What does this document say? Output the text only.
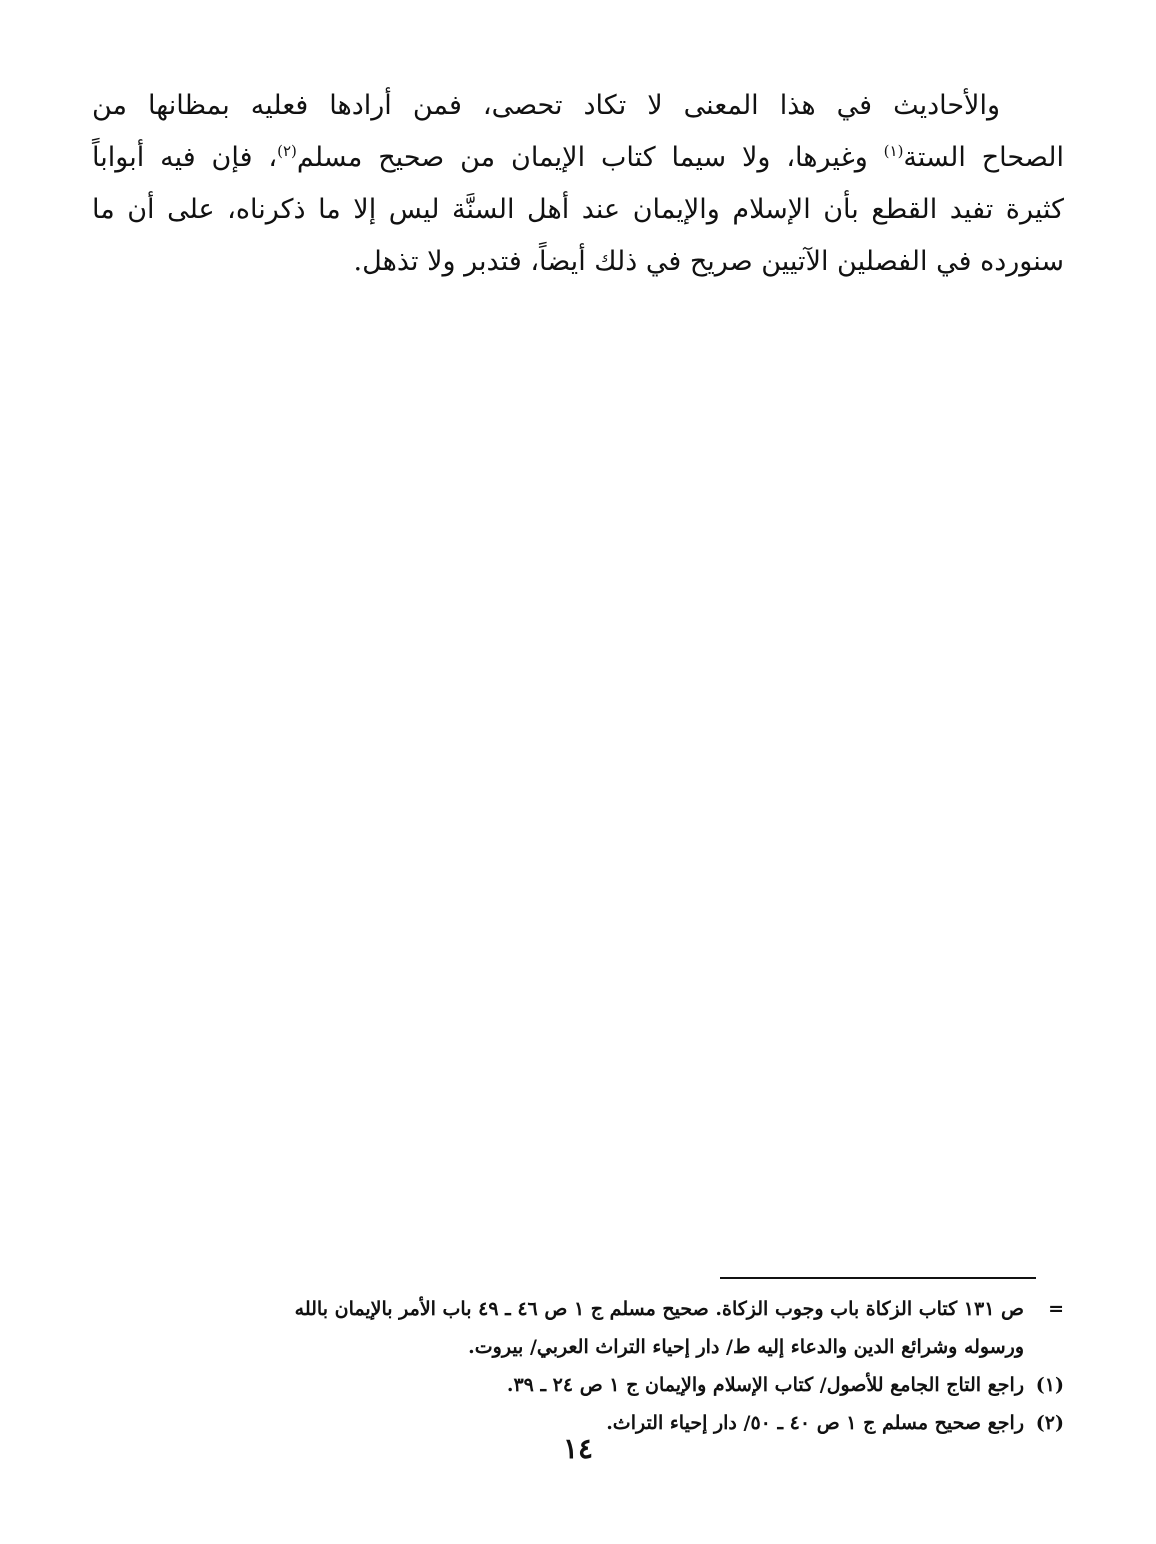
والأحاديث في هذا المعنى لا تكاد تحصى، فمن أرادها فعليه بمظانها من
الصحاح الستة$^{(١)}$ وغيرها، ولا سيما كتاب الإيمان من صحيح مسلم$^{(٢)}$، فإن فيه أبواباً
كثيرة تفيد القطع بأن الإسلام والإيمان عند أهل السنَّة ليس إلا ما ذكرناه، على أن ما
سنورده في الفصلين الآتيين صريح في ذلك أيضاً، فتدبر ولا تذهل.
=
ص ١٣١ كتاب الزكاة باب وجوب الزكاة. صحيح مسلم ج ١ ص ٤٦ ـ ٤٩ باب الأمر بالإيمان بالله
ورسوله وشرائع الدين والدعاء إليه ط/ دار إحياء التراث العربي/ بيروت.
(١)
راجع التاج الجامع للأصول/ كتاب الإسلام والإيمان ج ١ ص ٢٤ ـ ٣٩.
(٢)
راجع صحيح مسلم ج ١ ص ٤٠ ـ ٥٠/ دار إحياء التراث.
١٤
